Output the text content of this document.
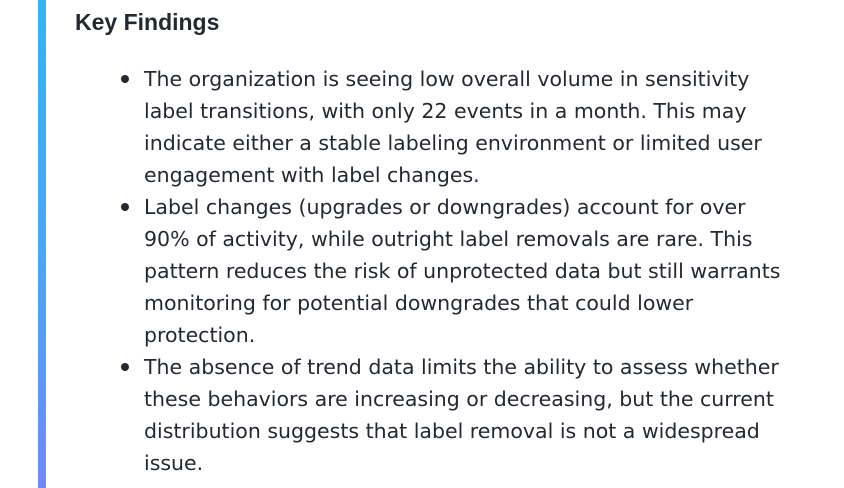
Key Findings
The organization is seeing low overall volume in sensitivity label transitions, with only 22 events in a month. This may indicate either a stable labeling environment or limited user engagement with label changes.
Label changes (upgrades or downgrades) account for over 90% of activity, while outright label removals are rare. This pattern reduces the risk of unprotected data but still warrants monitoring for potential downgrades that could lower protection.
The absence of trend data limits the ability to assess whether these behaviors are increasing or decreasing, but the current distribution suggests that label removal is not a widespread issue.
